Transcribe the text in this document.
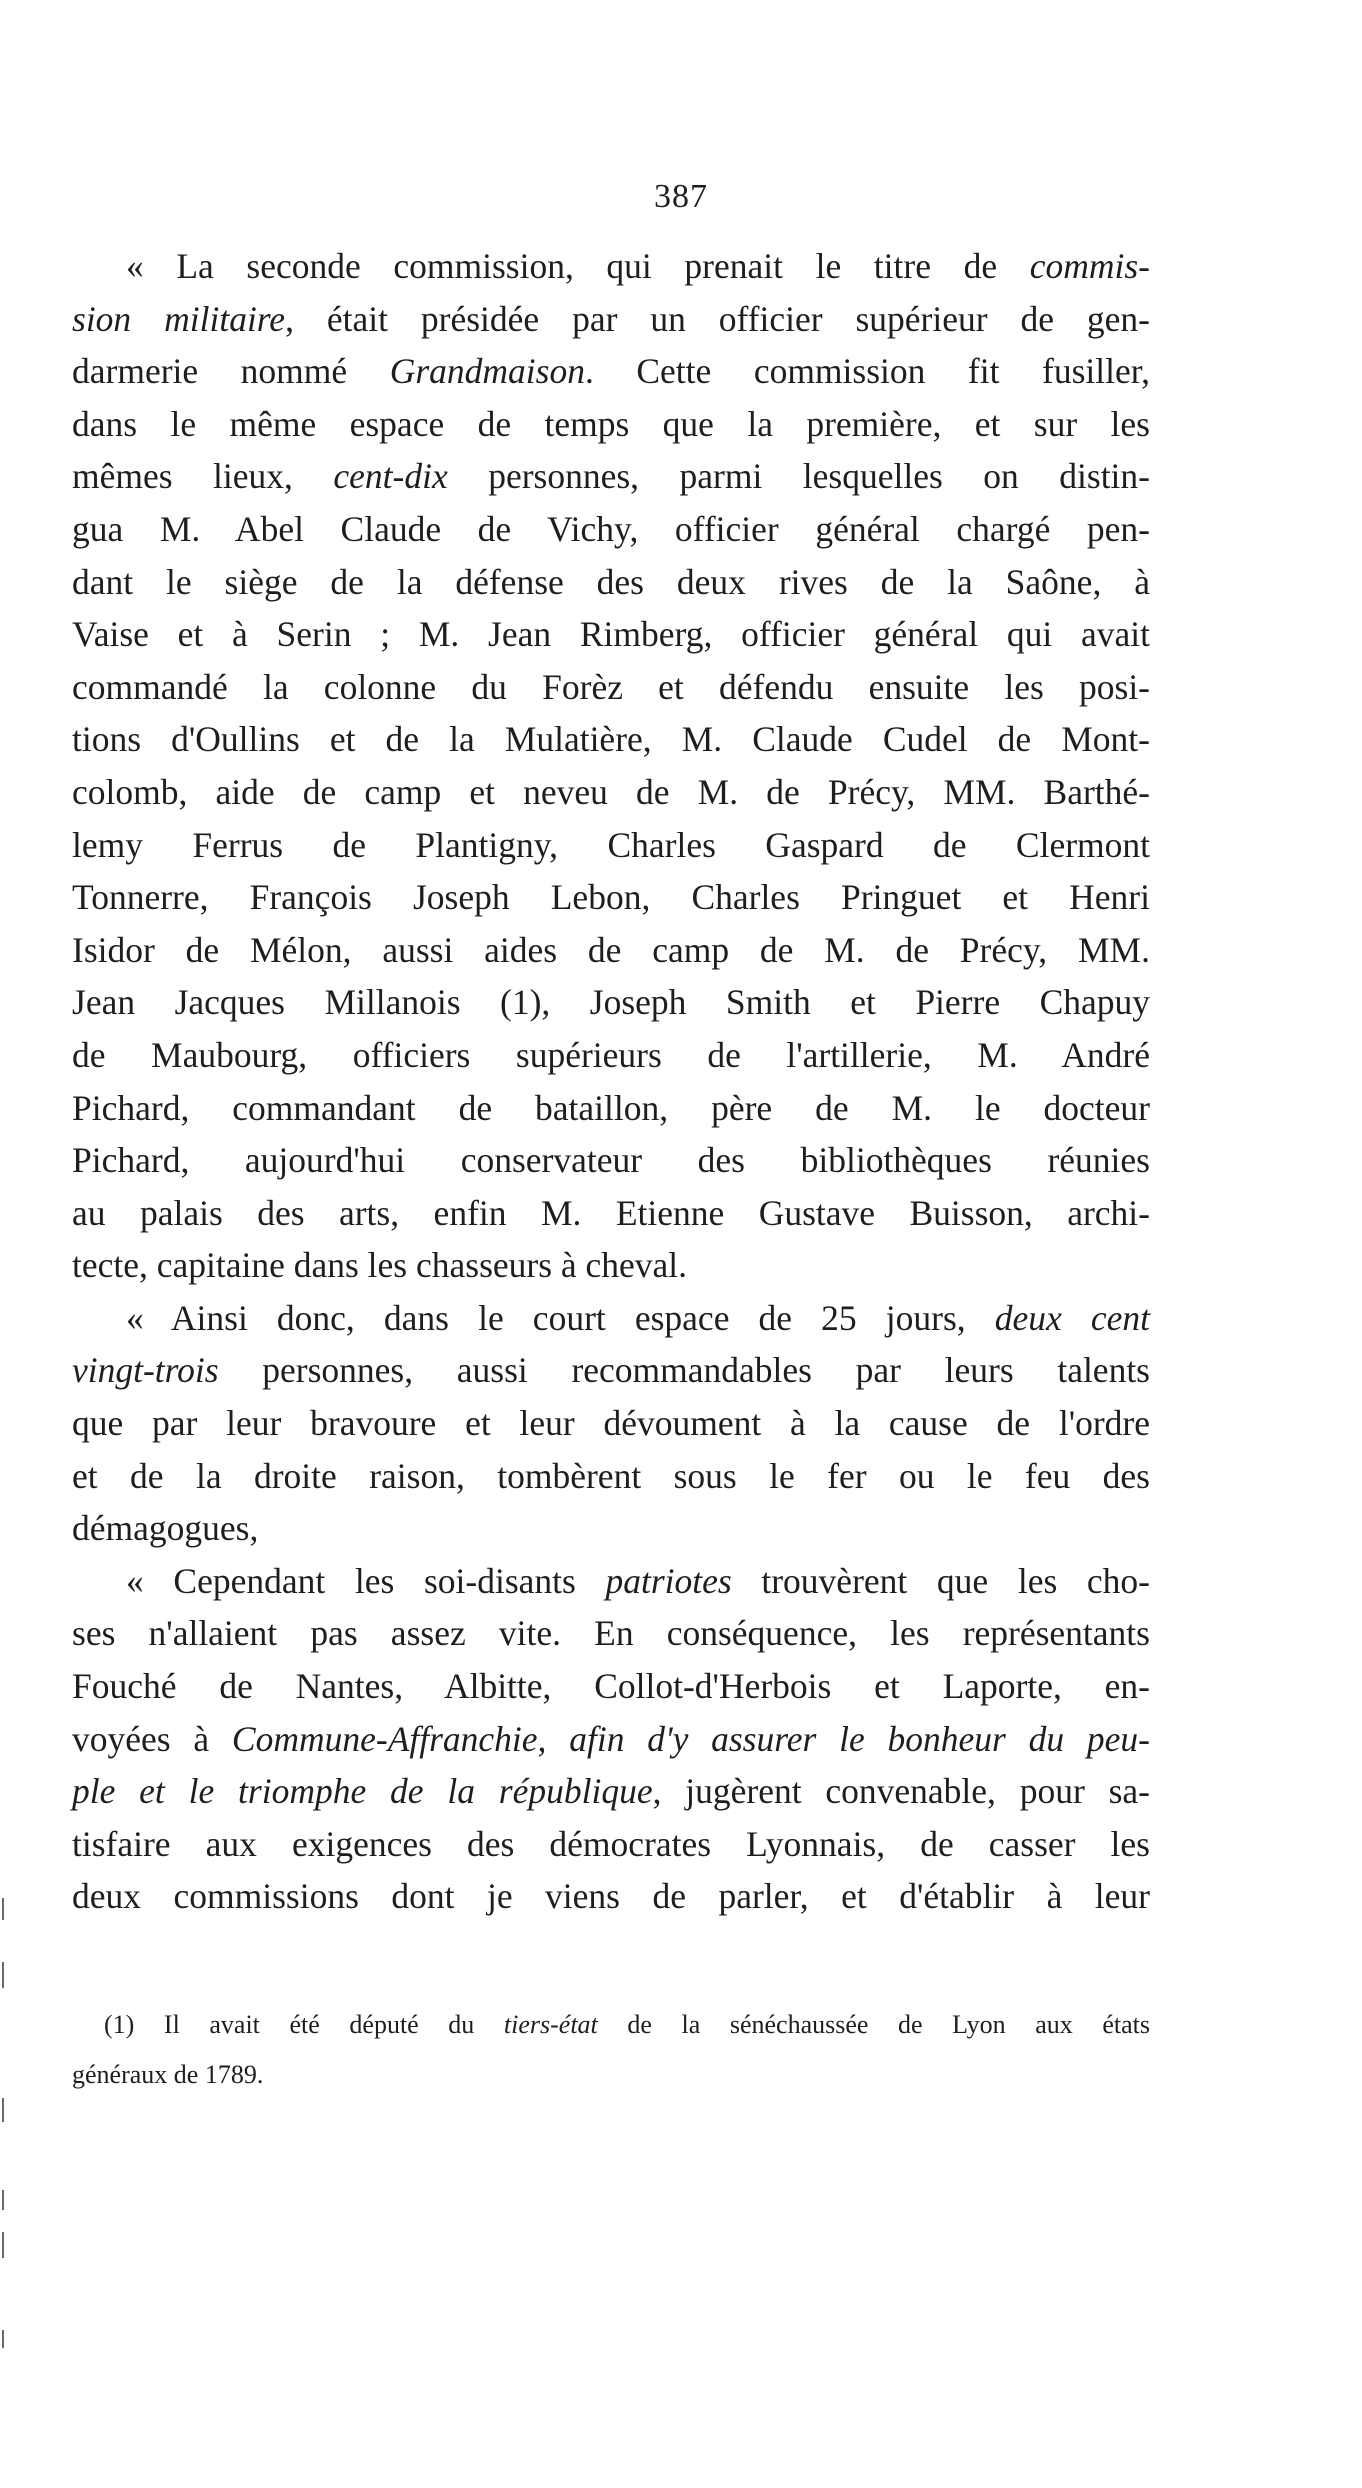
387
« La seconde commission, qui prenait le titre de commis-
sion militaire, était présidée par un officier supérieur de gen-
darmerie nommé Grandmaison. Cette commission fit fusiller,
dans le même espace de temps que la première, et sur les
mêmes lieux, cent-dix personnes, parmi lesquelles on distin-
gua M. Abel Claude de Vichy, officier général chargé pen-
dant le siège de la défense des deux rives de la Saône, à
Vaise et à Serin ; M. Jean Rimberg, officier général qui avait
commandé la colonne du Forèz et défendu ensuite les posi-
tions d'Oullins et de la Mulatière, M. Claude Cudel de Mont-
colomb, aide de camp et neveu de M. de Précy, MM. Barthé-
lemy Ferrus de Plantigny, Charles Gaspard de Clermont
Tonnerre, François Joseph Lebon, Charles Pringuet et Henri
Isidor de Mélon, aussi aides de camp de M. de Précy, MM.
Jean Jacques Millanois (1), Joseph Smith et Pierre Chapuy
de Maubourg, officiers supérieurs de l'artillerie, M. André
Pichard, commandant de bataillon, père de M. le docteur
Pichard, aujourd'hui conservateur des bibliothèques réunies
au palais des arts, enfin M. Etienne Gustave Buisson, archi-
tecte, capitaine dans les chasseurs à cheval.
« Ainsi donc, dans le court espace de 25 jours, deux cent
vingt-trois personnes, aussi recommandables par leurs talents
que par leur bravoure et leur dévoument à la cause de l'ordre
et de la droite raison, tombèrent sous le fer ou le feu des
démagogues,
« Cependant les soi-disants patriotes trouvèrent que les cho-
ses n'allaient pas assez vite. En conséquence, les représentants
Fouché de Nantes, Albitte, Collot-d'Herbois et Laporte, en-
voyées à Commune-Affranchie, afin d'y assurer le bonheur du peu-
ple et le triomphe de la république, jugèrent convenable, pour sa-
tisfaire aux exigences des démocrates Lyonnais, de casser les
deux commissions dont je viens de parler, et d'établir à leur
(1) Il avait été député du tiers-état de la sénéchaussée de Lyon aux états
généraux de 1789.
